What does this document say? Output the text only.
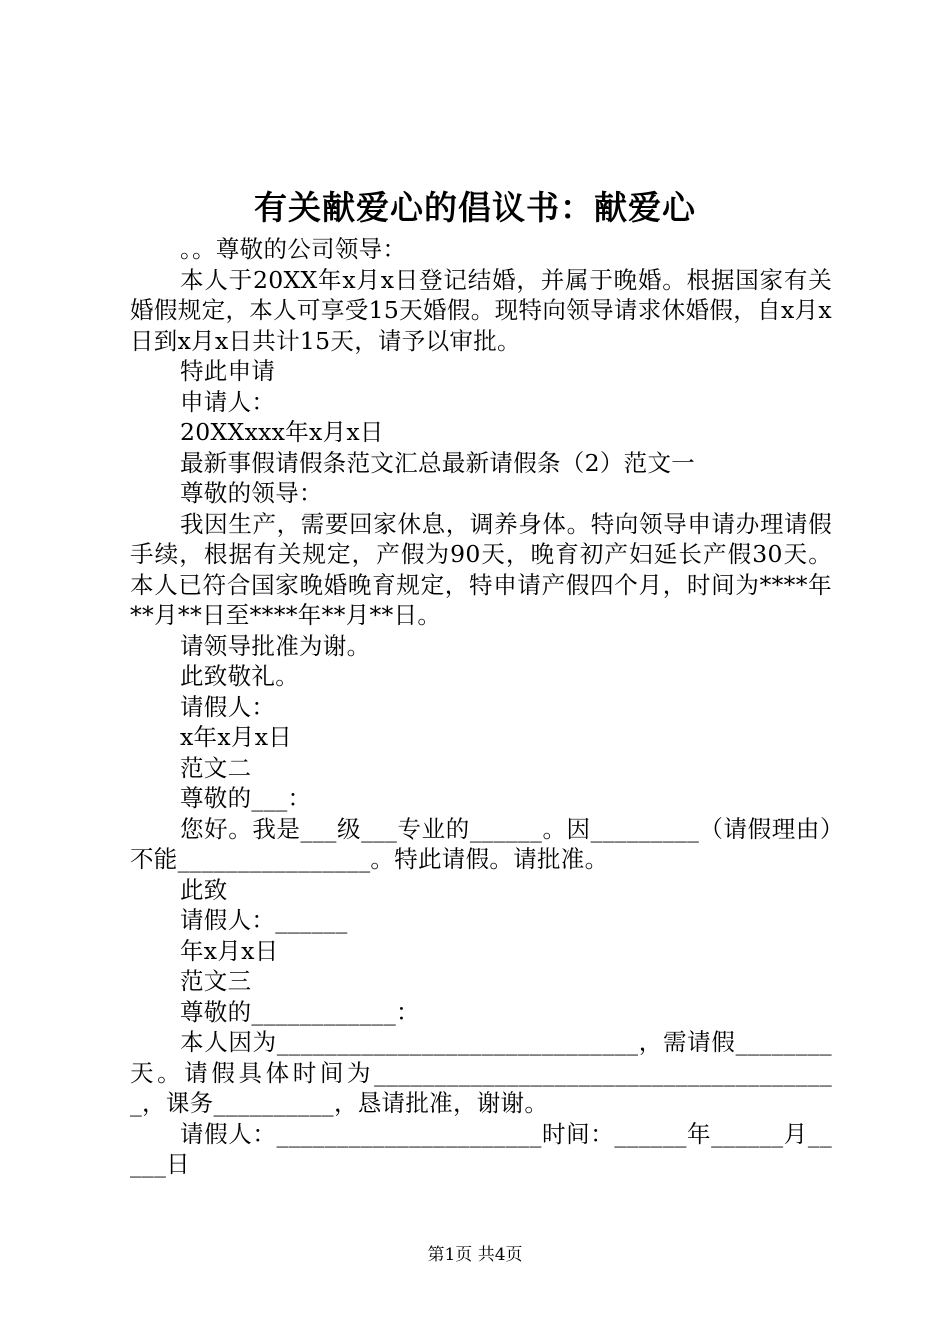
有关献爱心的倡议书：献爱心

。。尊敬的公司领导：

本人于20XX年x月x日登记结婚，并属于晚婚。根据国家有关婚假规定，本人可享受15天婚假。现特向领导请求休婚假，自x月x日到x月x日共计15天，请予以审批。

特此申请

申请人：

20XXxxx年x月x日

最新事假请假条范文汇总最新请假条（2）范文一

尊敬的领导：

我因生产，需要回家休息，调养身体。特向领导申请办理请假手续，根据有关规定，产假为90天，晚育初产妇延长产假30天。本人已符合国家晚婚晚育规定，特申请产假四个月，时间为****年**月**日至****年**月**日。

请领导批准为谢。

此致敬礼。

请假人：

x年x月x日

范文二

尊敬的___：

您好。我是___级___专业的______。因_________（请假理由）不能________________。特此请假。请批准。

此致

请假人：______

年x月x日

范文三

尊敬的____________：

本人因为______________________________，需请假________天。请假具体时间为_______________________________________，课务__________，恳请批准，谢谢。

请假人：______________________时间：______年______月_____日

第1页 共4页
